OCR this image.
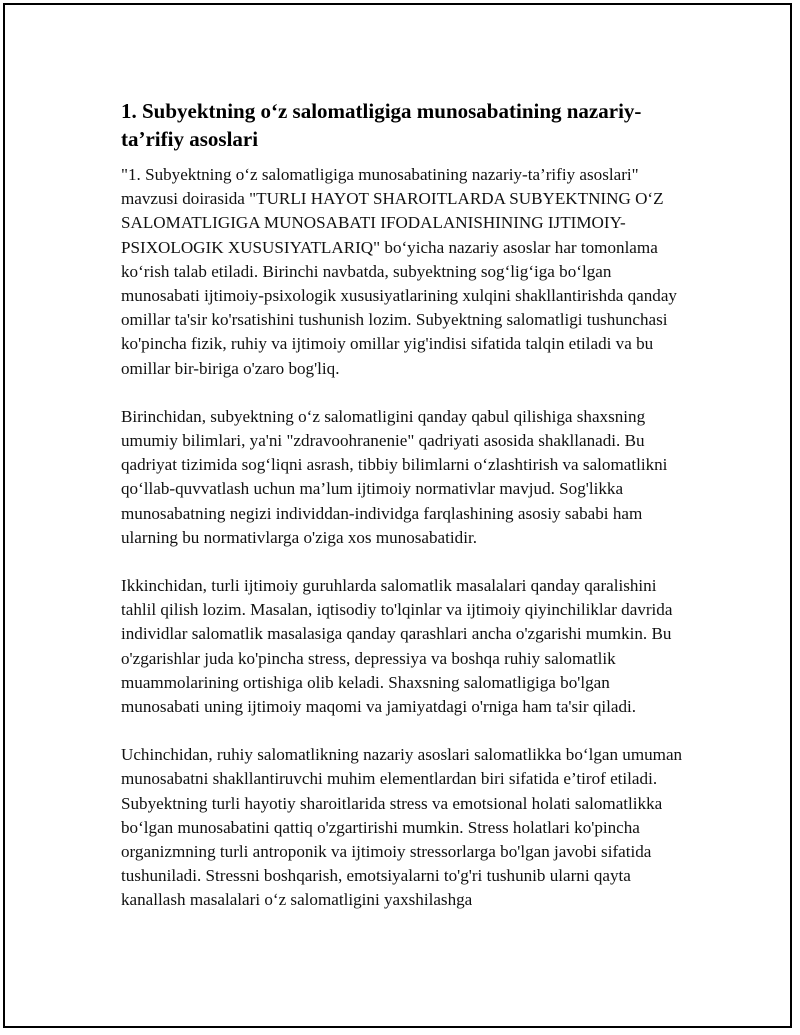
1. Subyektning o‘z salomatligiga munosabatining nazariy-ta’rifiy asoslari

"1. Subyektning o‘z salomatligiga munosabatining nazariy-ta’rifiy asoslari" mavzusi doirasida "TURLI HAYOT SHAROITLARDA SUBYEKTNING O‘Z SALOMATLIGIGA MUNOSABATI IFODALANISHINING IJTIMOIY-PSIXOLOGIK XUSUSIYATLARIQ" bo‘yicha nazariy asoslar har tomonlama ko‘rish talab etiladi. Birinchi navbatda, subyektning sog‘lig‘iga bo‘lgan munosabati ijtimoiy-psixologik xususiyatlarining xulqini shakllantirishda qanday omillar ta'sir ko'rsatishini tushunish lozim. Subyektning salomatligi tushunchasi ko'pincha fizik, ruhiy va ijtimoiy omillar yig'indisi sifatida talqin etiladi va bu omillar bir-biriga o'zaro bog'liq.

Birinchidan, subyektning o‘z salomatligini qanday qabul qilishiga shaxsning umumiy bilimlari, ya'ni "zdravoohranenie" qadriyati asosida shakllanadi. Bu qadriyat tizimida sog‘liqni asrash, tibbiy bilimlarni o‘zlashtirish va salomatlikni qo‘llab-quvvatlash uchun ma’lum ijtimoiy normativlar mavjud. Sog'likka munosabatning negizi individdan-individga farqlashining asosiy sababi ham ularning bu normativlarga o'ziga xos munosabatidir.

Ikkinchidan, turli ijtimoiy guruhlarda salomatlik masalalari qanday qaralishini tahlil qilish lozim. Masalan, iqtisodiy to'lqinlar va ijtimoiy qiyinchiliklar davrida individlar salomatlik masalasiga qanday qarashlari ancha o'zgarishi mumkin. Bu o'zgarishlar juda ko'pincha stress, depressiya va boshqa ruhiy salomatlik muammolarining ortishiga olib keladi. Shaxsning salomatligiga bo'lgan munosabati uning ijtimoiy maqomi va jamiyatdagi o'rniga ham ta'sir qiladi.

Uchinchidan, ruhiy salomatlikning nazariy asoslari salomatlikka bo‘lgan umuman munosabatni shakllantiruvchi muhim elementlardan biri sifatida e’tirof etiladi. Subyektning turli hayotiy sharoitlarida stress va emotsional holati salomatlikka bo‘lgan munosabatini qattiq o'zgartirishi mumkin. Stress holatlari ko'pincha organizmning turli antroponik va ijtimoiy stressorlarga bo'lgan javobi sifatida tushuniladi. Stressni boshqarish, emotsiyalarni to'g'ri tushunib ularni qayta kanallash masalalari o‘z salomatligini yaxshilashga
